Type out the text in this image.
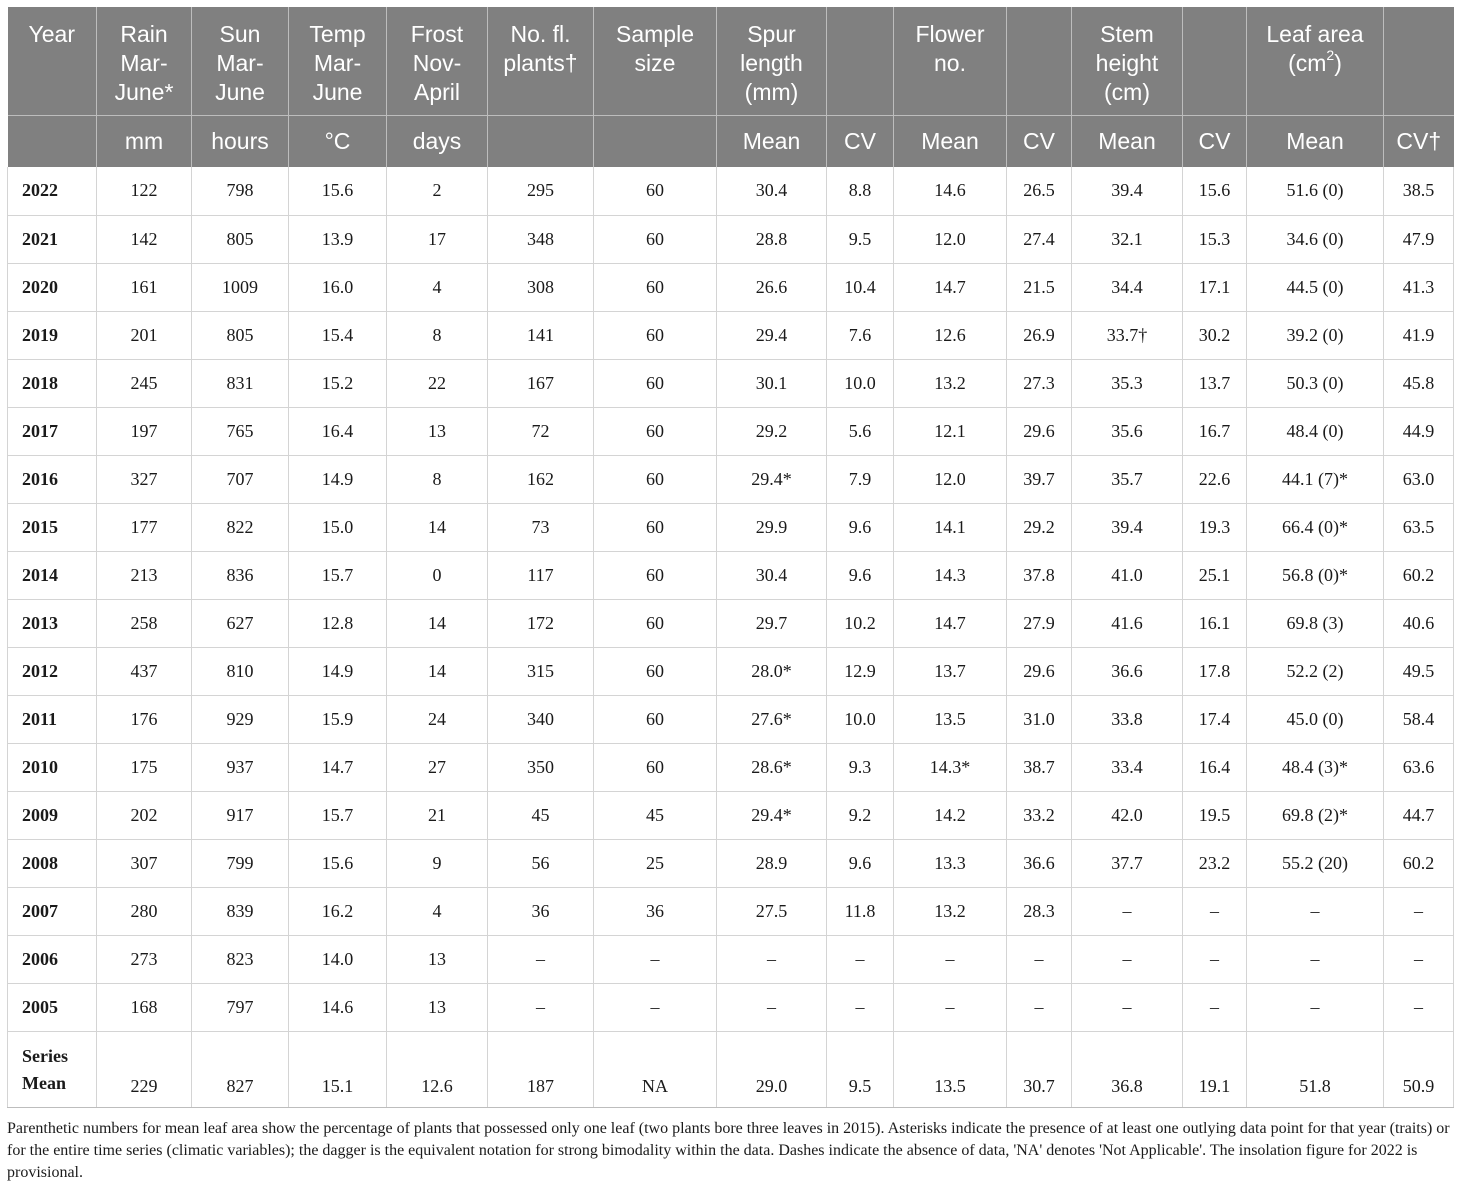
Year	Rain Mar-June*	Sun Mar-June	Temp Mar-June	Frost Nov-April	No. fl. plants†	Sample size	Spur length (mm)		Flower no.		Stem height (cm)		Leaf area $(cm^2)$	
	mm	hours	°C	days			Mean	CV	Mean	CV	Mean	CV	Mean	CV†
2022	122	798	15.6	2	295	60	30.4	8.8	14.6	26.5	39.4	15.6	51.6 (0)	38.5
2021	142	805	13.9	17	348	60	28.8	9.5	12.0	27.4	32.1	15.3	34.6 (0)	47.9
2020	161	1009	16.0	4	308	60	26.6	10.4	14.7	21.5	34.4	17.1	44.5 (0)	41.3
2019	201	805	15.4	8	141	60	29.4	7.6	12.6	26.9	33.7†	30.2	39.2 (0)	41.9
2018	245	831	15.2	22	167	60	30.1	10.0	13.2	27.3	35.3	13.7	50.3 (0)	45.8
2017	197	765	16.4	13	72	60	29.2	5.6	12.1	29.6	35.6	16.7	48.4 (0)	44.9
2016	327	707	14.9	8	162	60	29.4*	7.9	12.0	39.7	35.7	22.6	44.1 (7)*	63.0
2015	177	822	15.0	14	73	60	29.9	9.6	14.1	29.2	39.4	19.3	66.4 (0)*	63.5
2014	213	836	15.7	0	117	60	30.4	9.6	14.3	37.8	41.0	25.1	56.8 (0)*	60.2
2013	258	627	12.8	14	172	60	29.7	10.2	14.7	27.9	41.6	16.1	69.8 (3)	40.6
2012	437	810	14.9	14	315	60	28.0*	12.9	13.7	29.6	36.6	17.8	52.2 (2)	49.5
2011	176	929	15.9	24	340	60	27.6*	10.0	13.5	31.0	33.8	17.4	45.0 (0)	58.4
2010	175	937	14.7	27	350	60	28.6*	9.3	14.3*	38.7	33.4	16.4	48.4 (3)*	63.6
2009	202	917	15.7	21	45	45	29.4*	9.2	14.2	33.2	42.0	19.5	69.8 (2)*	44.7
2008	307	799	15.6	9	56	25	28.9	9.6	13.3	36.6	37.7	23.2	55.2 (20)	60.2
2007	280	839	16.2	4	36	36	27.5	11.8	13.2	28.3	–	–	–	–
2006	273	823	14.0	13	–	–	–	–	–	–	–	–	–	–
2005	168	797	14.6	13	–	–	–	–	–	–	–	–	–	–
Series
Mean	229	827	15.1	12.6	187	NA	29.0	9.5	13.5	30.7	36.8	19.1	51.8	50.9
Parenthetic numbers for mean leaf area show the percentage of plants that possessed only one leaf (two plants bore three leaves in 2015). Asterisks indicate the presence of at least one outlying data point for that year (traits) or for the entire time series (climatic variables); the dagger is the equivalent notation for strong bimodality within the data. Dashes indicate the absence of data, 'NA' denotes 'Not Applicable'. The insolation figure for 2022 is provisional.
